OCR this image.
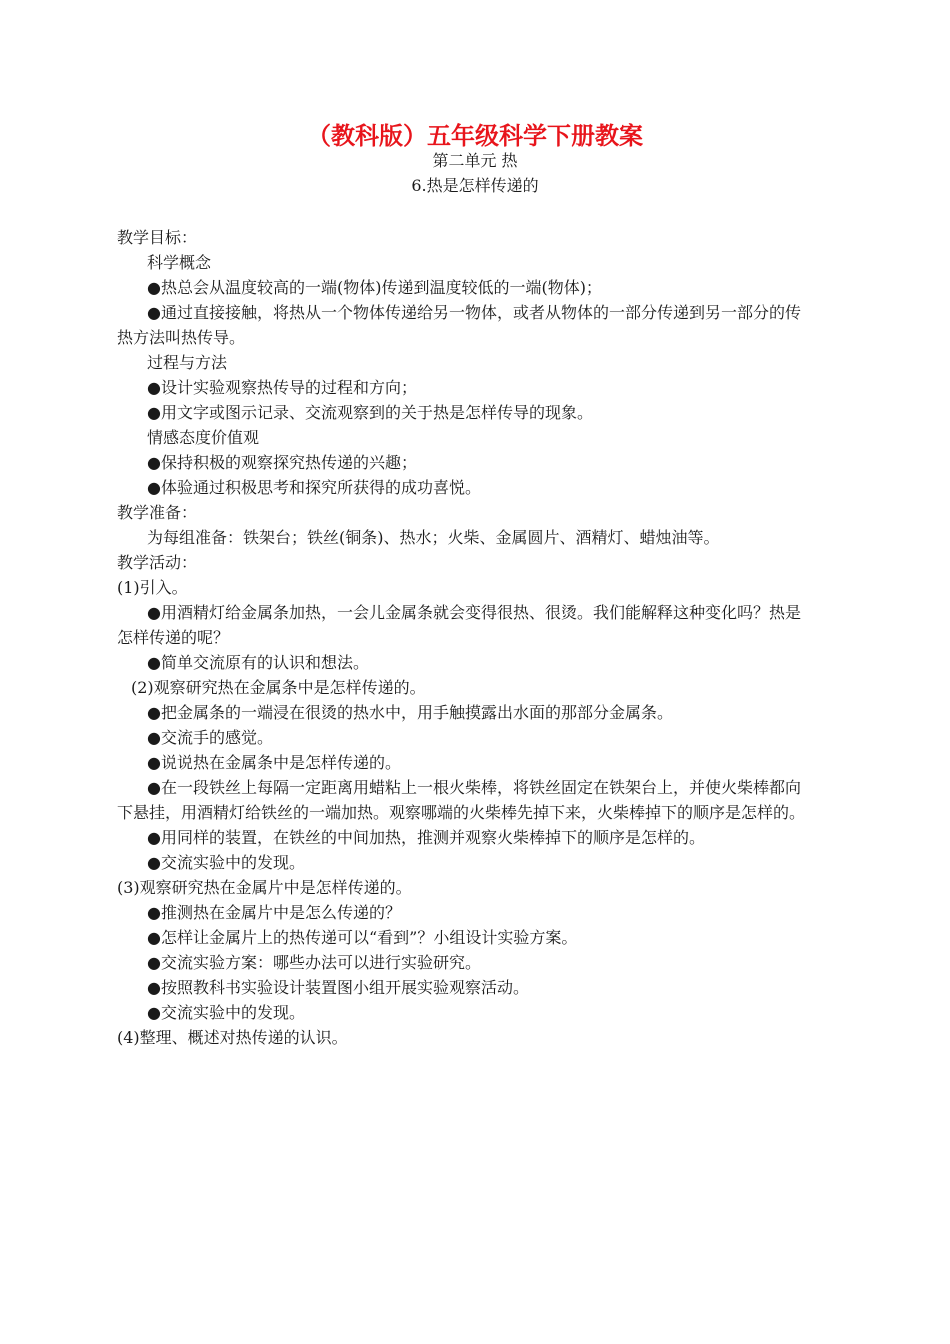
（教科版）五年级科学下册教案
第二单元 热
6.热是怎样传递的

教学目标：

科学概念

●热总会从温度较高的一端(物体)传递到温度较低的一端(物体)；

●通过直接接触，将热从一个物体传递给另一物体，或者从物体的一部分传递到另一部分的传

热方法叫热传导。

过程与方法

●设计实验观察热传导的过程和方向；

●用文字或图示记录、交流观察到的关于热是怎样传导的现象。

情感态度价值观

●保持积极的观察探究热传递的兴趣；

●体验通过积极思考和探究所获得的成功喜悦。

教学准备：

为每组准备：铁架台；铁丝(铜条)、热水；火柴、金属圆片、酒精灯、蜡烛油等。

教学活动：

(1)引入。

●用酒精灯给金属条加热，一会儿金属条就会变得很热、很烫。我们能解释这种变化吗？热是

怎样传递的呢？

●简单交流原有的认识和想法。

(2)观察研究热在金属条中是怎样传递的。

●把金属条的一端浸在很烫的热水中，用手触摸露出水面的那部分金属条。

●交流手的感觉。

●说说热在金属条中是怎样传递的。

●在一段铁丝上每隔一定距离用蜡粘上一根火柴棒，将铁丝固定在铁架台上，并使火柴棒都向

下悬挂，用酒精灯给铁丝的一端加热。观察哪端的火柴棒先掉下来，火柴棒掉下的顺序是怎样的。

●用同样的装置，在铁丝的中间加热，推测并观察火柴棒掉下的顺序是怎样的。

●交流实验中的发现。

(3)观察研究热在金属片中是怎样传递的。

●推测热在金属片中是怎么传递的？

●怎样让金属片上的热传递可以“看到”？小组设计实验方案。

●交流实验方案：哪些办法可以进行实验研究。

●按照教科书实验设计装置图小组开展实验观察活动。

●交流实验中的发现。

(4)整理、概述对热传递的认识。
